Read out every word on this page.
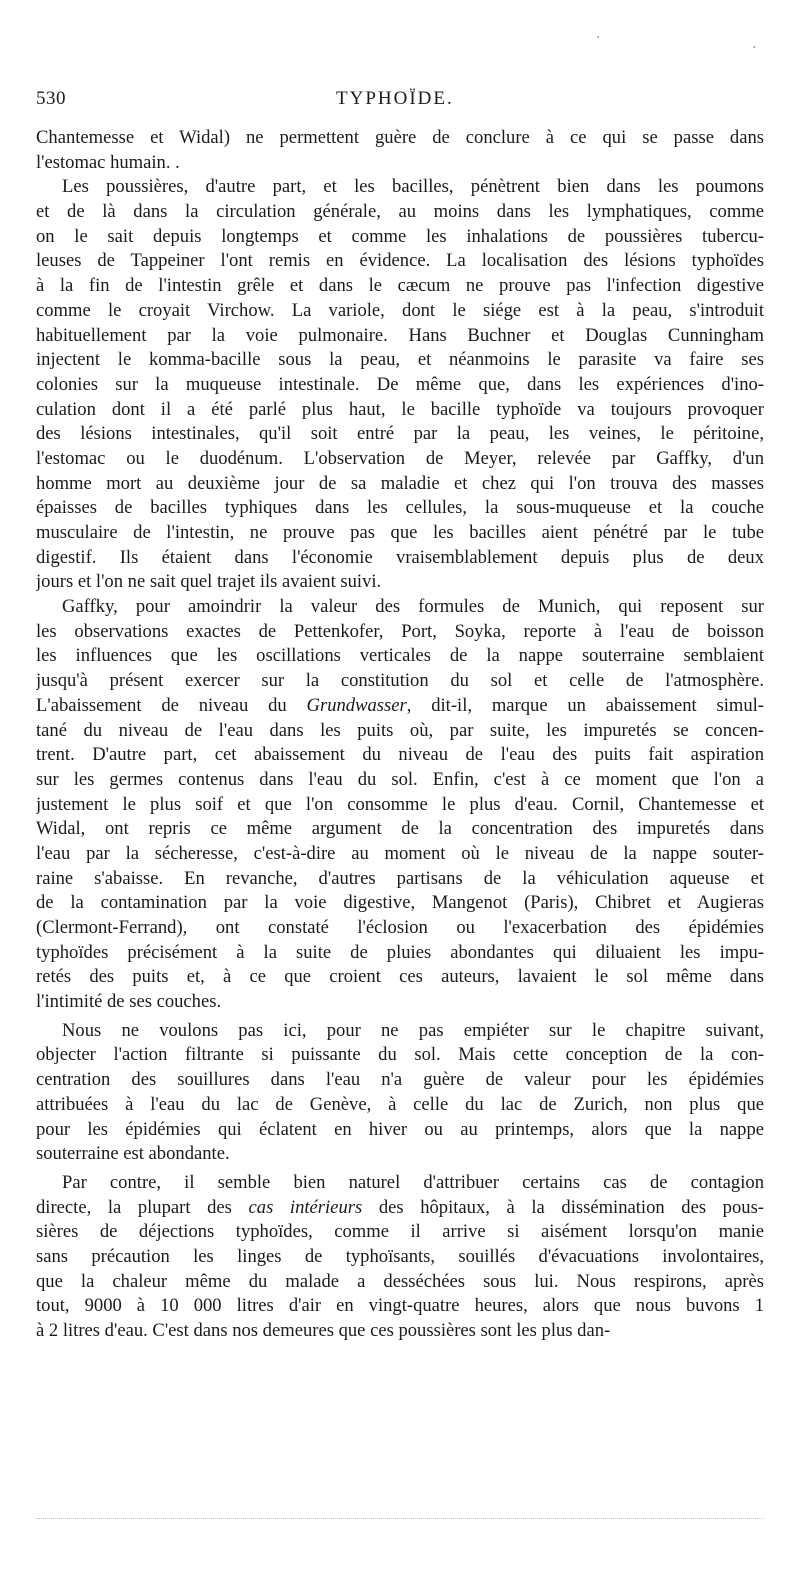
·
·
530	TYPHOÏDE.
Chantemesse et Widal) ne permettent guère de conclure à ce qui se passe dans
l'estomac humain. .
Les poussières, d'autre part, et les bacilles, pénètrent bien dans les poumons
et de là dans la circulation générale, au moins dans les lymphatiques, comme
on le sait depuis longtemps et comme les inhalations de poussières tubercu-
leuses de Tappeiner l'ont remis en évidence. La localisation des lésions typhoïdes
à la fin de l'intestin grêle et dans le cæcum ne prouve pas l'infection digestive
comme le croyait Virchow. La variole, dont le siége est à la peau, s'introduit
habituellement par la voie pulmonaire. Hans Buchner et Douglas Cunningham
injectent le komma-bacille sous la peau, et néanmoins le parasite va faire ses
colonies sur la muqueuse intestinale. De même que, dans les expériences d'ino-
culation dont il a été parlé plus haut, le bacille typhoïde va toujours provoquer
des lésions intestinales, qu'il soit entré par la peau, les veines, le péritoine,
l'estomac ou le duodénum. L'observation de Meyer, relevée par Gaffky, d'un
homme mort au deuxième jour de sa maladie et chez qui l'on trouva des masses
épaisses de bacilles typhiques dans les cellules, la sous-muqueuse et la couche
musculaire de l'intestin, ne prouve pas que les bacilles aient pénétré par le tube
digestif. Ils étaient dans l'économie vraisemblablement depuis plus de deux
jours et l'on ne sait quel trajet ils avaient suivi.
Gaffky, pour amoindrir la valeur des formules de Munich, qui reposent sur
les observations exactes de Pettenkofer, Port, Soyka, reporte à l'eau de boisson
les influences que les oscillations verticales de la nappe souterraine semblaient
jusqu'à présent exercer sur la constitution du sol et celle de l'atmosphère.
L'abaissement de niveau du Grundwasser, dit-il, marque un abaissement simul-
tané du niveau de l'eau dans les puits où, par suite, les impuretés se concen-
trent. D'autre part, cet abaissement du niveau de l'eau des puits fait aspiration
sur les germes contenus dans l'eau du sol. Enfin, c'est à ce moment que l'on a
justement le plus soif et que l'on consomme le plus d'eau. Cornil, Chantemesse et
Widal, ont repris ce même argument de la concentration des impuretés dans
l'eau par la sécheresse, c'est-à-dire au moment où le niveau de la nappe souter-
raine s'abaisse. En revanche, d'autres partisans de la véhiculation aqueuse et
de la contamination par la voie digestive, Mangenot (Paris), Chibret et Augieras
(Clermont-Ferrand), ont constaté l'éclosion ou l'exacerbation des épidémies
typhoïdes précisément à la suite de pluies abondantes qui diluaient les impu-
retés des puits et, à ce que croient ces auteurs, lavaient le sol même dans
l'intimité de ses couches.
Nous ne voulons pas ici, pour ne pas empiéter sur le chapitre suivant,
objecter l'action filtrante si puissante du sol. Mais cette conception de la con-
centration des souillures dans l'eau n'a guère de valeur pour les épidémies
attribuées à l'eau du lac de Genève, à celle du lac de Zurich, non plus que
pour les épidémies qui éclatent en hiver ou au printemps, alors que la nappe
souterraine est abondante.
Par contre, il semble bien naturel d'attribuer certains cas de contagion
directe, la plupart des cas intérieurs des hôpitaux, à la dissémination des pous-
sières de déjections typhoïdes, comme il arrive si aisément lorsqu'on manie
sans précaution les linges de typhoïsants, souillés d'évacuations involontaires,
que la chaleur même du malade a desséchées sous lui. Nous respirons, après
tout, 9000 à 10 000 litres d'air en vingt-quatre heures, alors que nous buvons 1
à 2 litres d'eau. C'est dans nos demeures que ces poussières sont les plus dan-
